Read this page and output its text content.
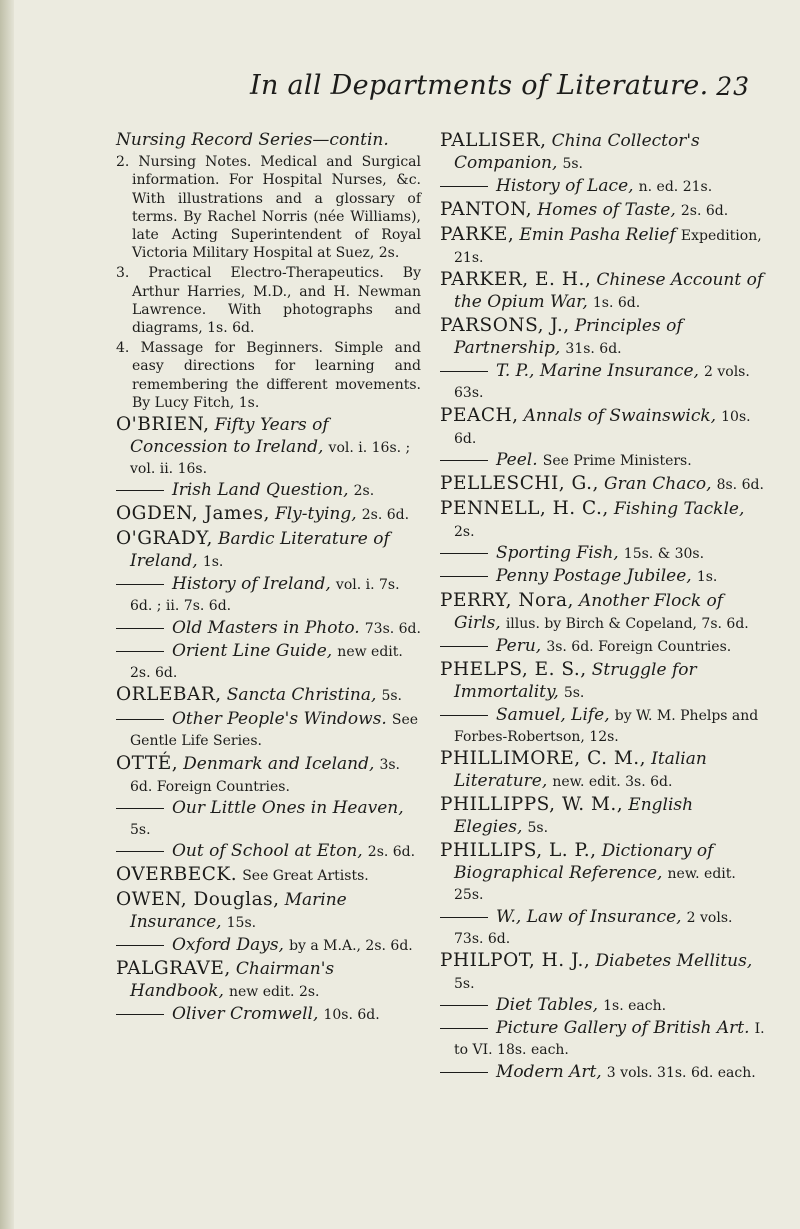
In all Departments of Literature. 23
Nursing Record Series—contin.
2. Nursing Notes. Medical and Surgical information. For Hospital Nurses, &c. With illustrations and a glossary of terms. By Rachel Norris (née Williams), late Acting Superintendent of Royal Victoria Military Hospital at Suez, 2s.
3. Practical Electro-Therapeutics. By Arthur Harries, M.D., and H. Newman Lawrence. With photographs and diagrams, 1s. 6d.
4. Massage for Beginners. Simple and easy directions for learning and remembering the different movements. By Lucy Fitch, 1s.
O'BRIEN, Fifty Years of Concession to Ireland, vol. i. 16s. ; vol. ii. 16s.
Irish Land Question, 2s.
OGDEN, James, Fly-tying, 2s. 6d.
O'GRADY, Bardic Literature of Ireland, 1s.
History of Ireland, vol. i. 7s. 6d. ; ii. 7s. 6d.
Old Masters in Photo. 73s. 6d.
Orient Line Guide, new edit. 2s. 6d.
ORLEBAR, Sancta Christina, 5s.
Other People's Windows. See Gentle Life Series.
OTTÉ, Denmark and Iceland, 3s. 6d. Foreign Countries.
Our Little Ones in Heaven, 5s.
Out of School at Eton, 2s. 6d.
OVERBECK. See Great Artists.
OWEN, Douglas, Marine Insurance, 15s.
Oxford Days, by a M.A., 2s. 6d.
PALGRAVE, Chairman's Handbook, new edit. 2s.
Oliver Cromwell, 10s. 6d.
PALLISER, China Collector's Companion, 5s.
History of Lace, n. ed. 21s.
PANTON, Homes of Taste, 2s. 6d.
PARKE, Emin Pasha Relief Expedition, 21s.
PARKER, E. H., Chinese Account of the Opium War, 1s. 6d.
PARSONS, J., Principles of Partnership, 31s. 6d.
T. P., Marine Insurance, 2 vols. 63s.
PEACH, Annals of Swainswick, 10s. 6d.
Peel. See Prime Ministers.
PELLESCHI, G., Gran Chaco, 8s. 6d.
PENNELL, H. C., Fishing Tackle, 2s.
Sporting Fish, 15s. & 30s.
Penny Postage Jubilee, 1s.
PERRY, Nora, Another Flock of Girls, illus. by Birch & Copeland, 7s. 6d.
Peru, 3s. 6d. Foreign Countries.
PHELPS, E. S., Struggle for Immortality, 5s.
Samuel, Life, by W. M. Phelps and Forbes-Robertson, 12s.
PHILLIMORE, C. M., Italian Literature, new. edit. 3s. 6d.
PHILLIPPS, W. M., English Elegies, 5s.
PHILLIPS, L. P., Dictionary of Biographical Reference, new. edit. 25s.
W., Law of Insurance, 2 vols. 73s. 6d.
PHILPOT, H. J., Diabetes Mellitus, 5s.
Diet Tables, 1s. each.
Picture Gallery of British Art. I. to VI. 18s. each.
Modern Art, 3 vols. 31s. 6d. each.
